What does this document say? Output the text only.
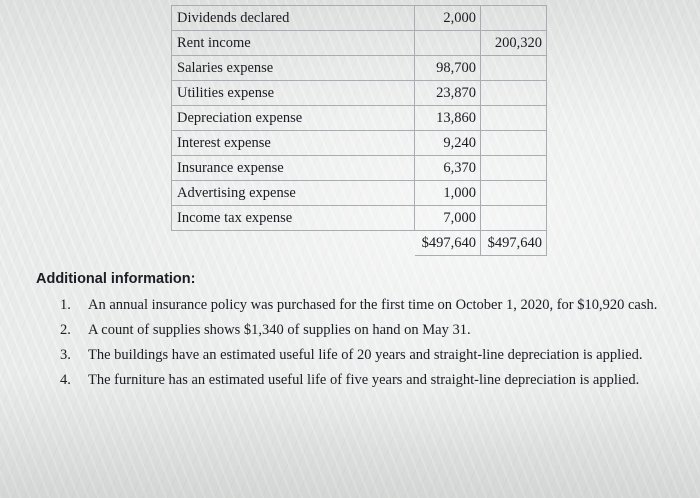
Dividends declared	2,000	
Rent income		200,320
Salaries expense	98,700	
Utilities expense	23,870	
Depreciation expense	13,860	
Interest expense	9,240	
Insurance expense	6,370	
Advertising expense	1,000	
Income tax expense	7,000	
	$497,640	$497,640
Additional information:
1.	An annual insurance policy was purchased for the first time on October 1, 2020, for $10,920 cash.
2.	A count of supplies shows $1,340 of supplies on hand on May 31.
3.	The buildings have an estimated useful life of 20 years and straight-line depreciation is applied.
4.	The furniture has an estimated useful life of five years and straight-line depreciation is applied.
